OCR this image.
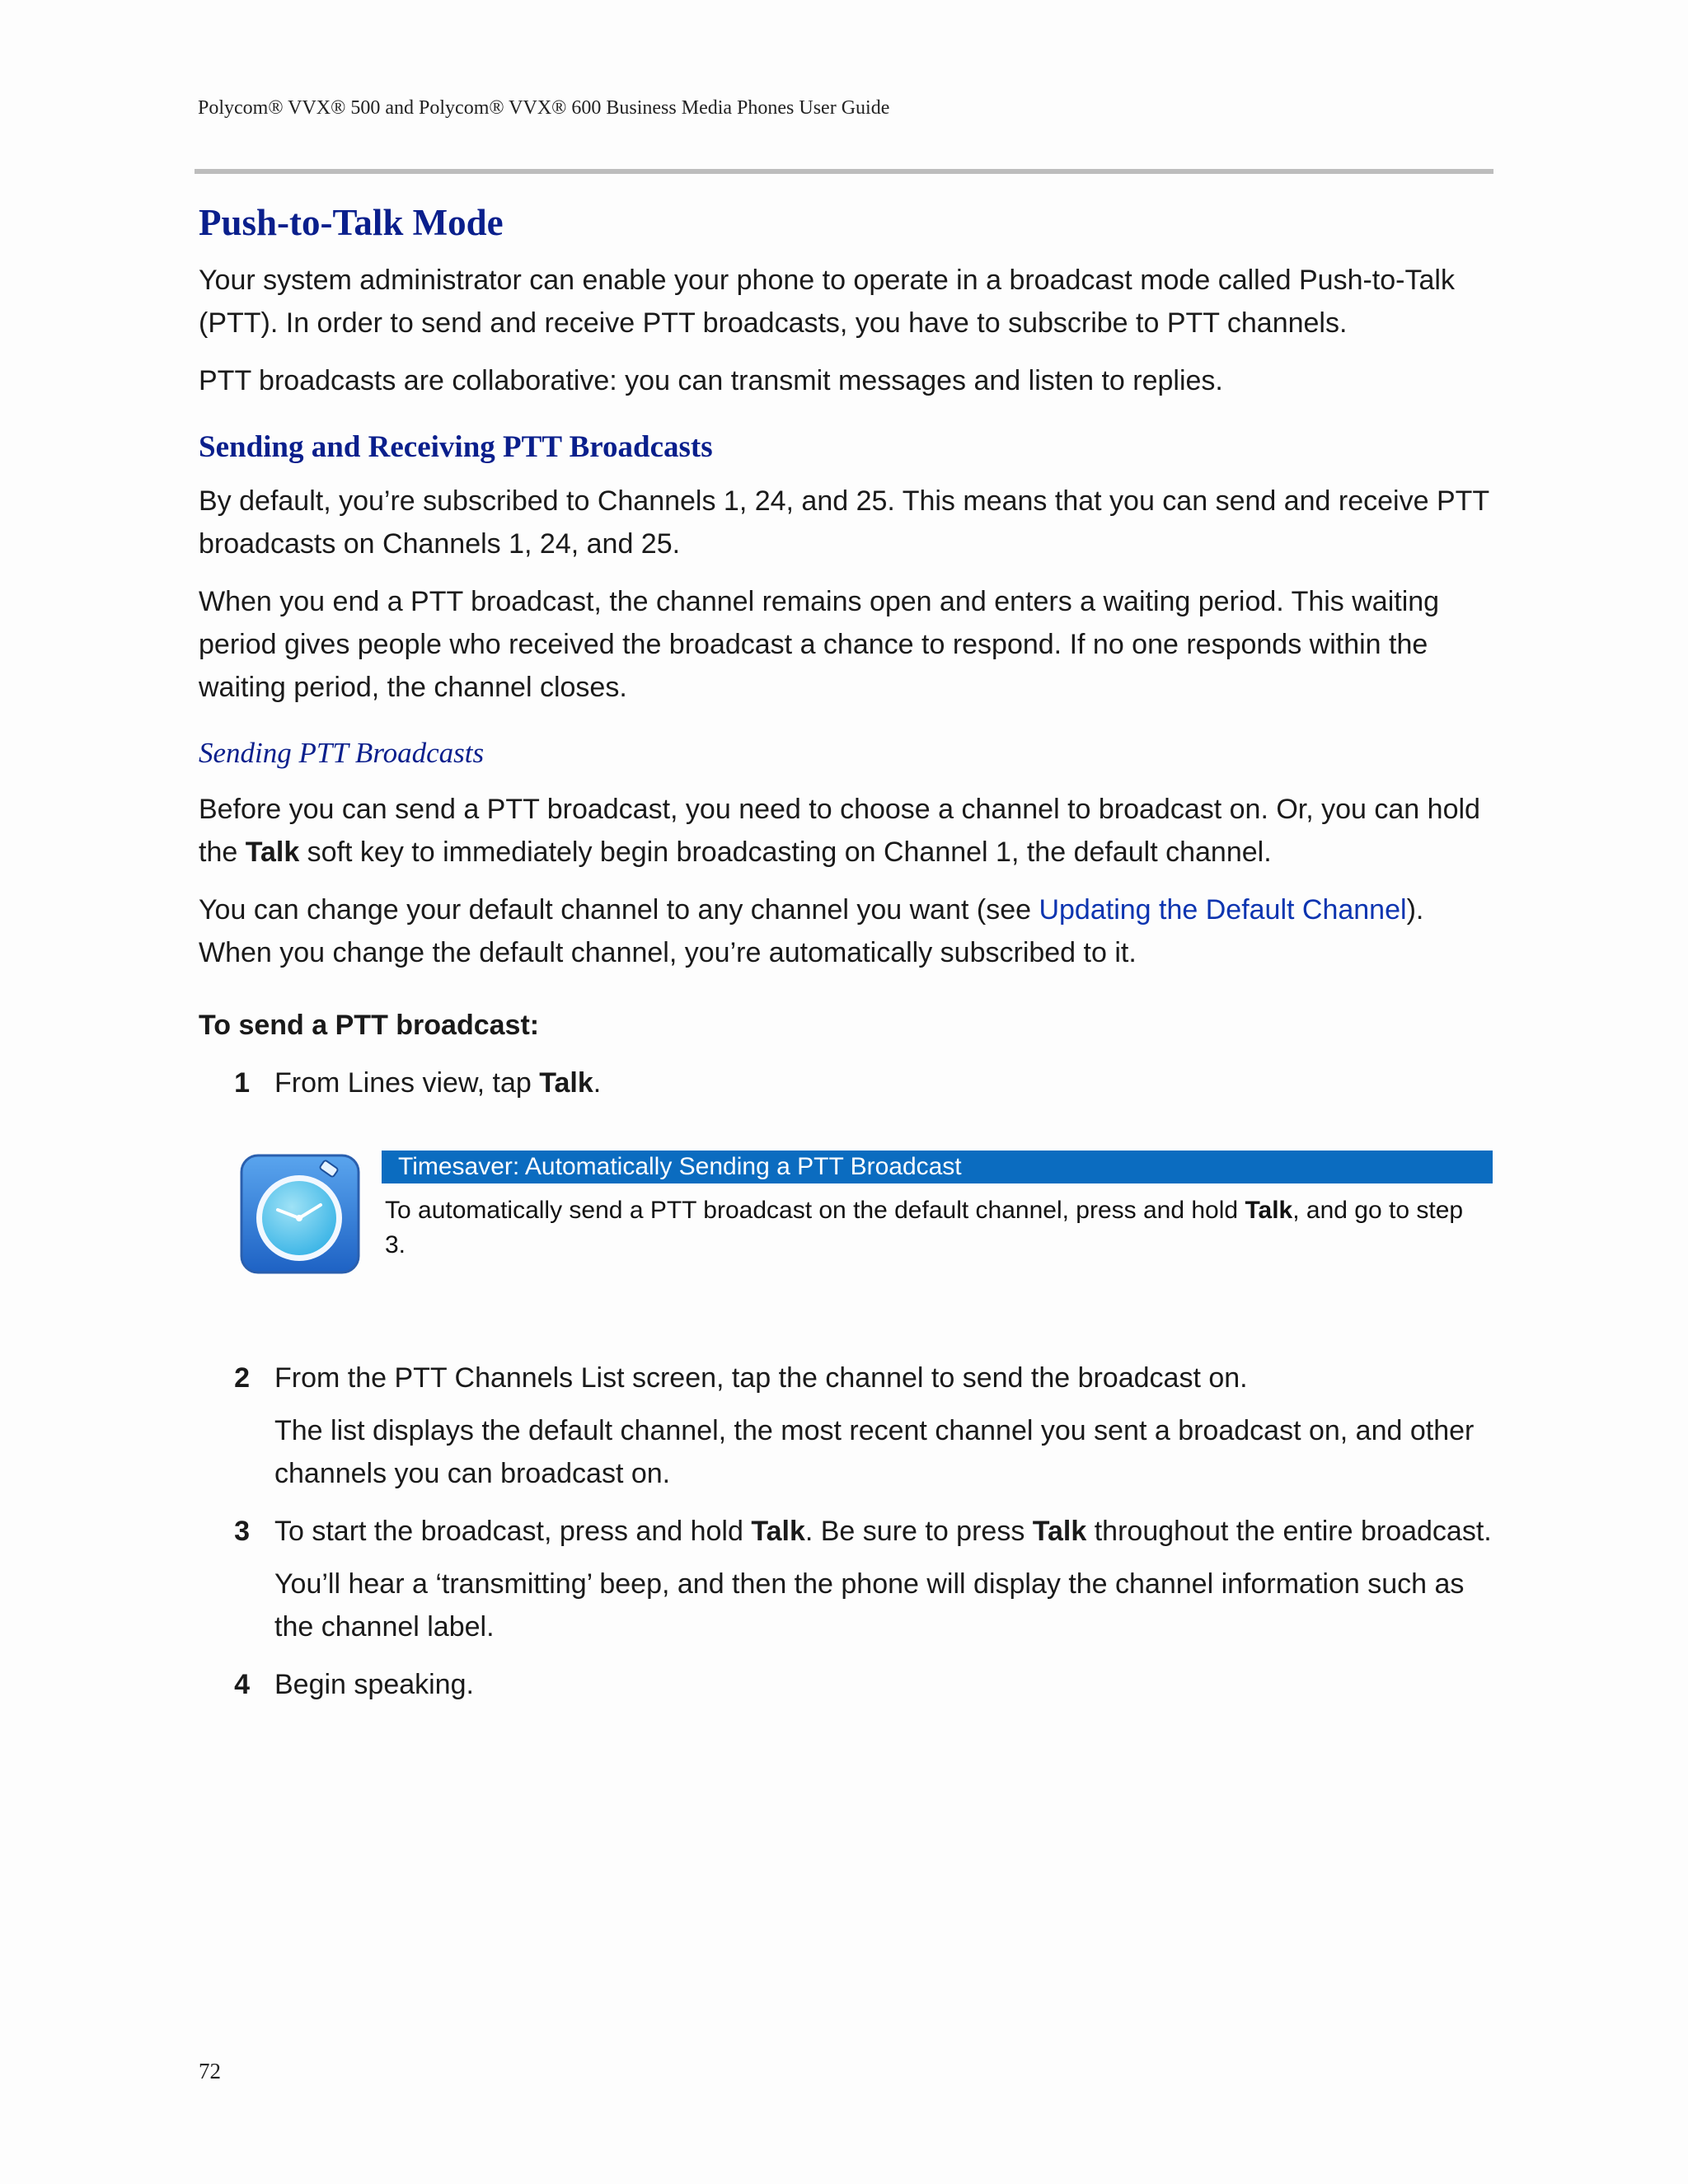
Polycom® VVX® 500 and Polycom® VVX® 600 Business Media Phones User Guide
Push-to-Talk Mode

Your system administrator can enable your phone to operate in a broadcast mode called Push-to-Talk (PTT). In order to send and receive PTT broadcasts, you have to subscribe to PTT channels.

PTT broadcasts are collaborative: you can transmit messages and listen to replies.

Sending and Receiving PTT Broadcasts

By default, you’re subscribed to Channels 1, 24, and 25. This means that you can send and receive PTT broadcasts on Channels 1, 24, and 25.

When you end a PTT broadcast, the channel remains open and enters a waiting period. This waiting period gives people who received the broadcast a chance to respond. If no one responds within the waiting period, the channel closes.

Sending PTT Broadcasts

Before you can send a PTT broadcast, you need to choose a channel to broadcast on. Or, you can hold the Talk soft key to immediately begin broadcasting on Channel 1, the default channel.

You can change your default channel to any channel you want (see Updating the Default Channel). When you change the default channel, you’re automatically subscribed to it.

To send a PTT broadcast:
1 From Lines view, tap Talk.

Timesaver: Automatically Sending a PTT Broadcast
To automatically send a PTT broadcast on the default channel, press and hold Talk, and go to step 3.
2 From the PTT Channels List screen, tap the channel to send the broadcast on.

The list displays the default channel, the most recent channel you sent a broadcast on, and other channels you can broadcast on.

3 To start the broadcast, press and hold Talk. Be sure to press Talk throughout the entire broadcast.

You’ll hear a ‘transmitting’ beep, and then the phone will display the channel information such as the channel label.

4 Begin speaking.

72
